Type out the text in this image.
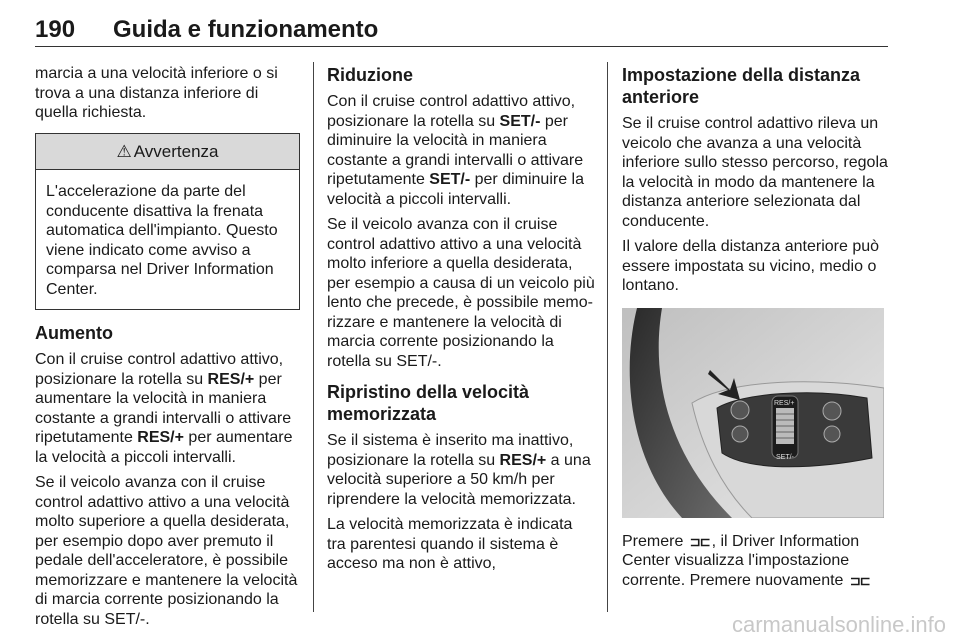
190 Guida e funzionamento

marcia a una velocità inferiore o si trova a una distanza inferiore di quella richiesta.

⚠ Avvertenza
L'accelerazione da parte del conducente disattiva la frenata automatica dell'impianto. Questo viene indicato come avviso a comparsa nel Driver Information Center.
Aumento

Con il cruise control adattivo attivo, posizionare la rotella su RES/+ per aumentare la velocità in maniera costante a grandi intervalli o attivare ripetutamente RES/+ per aumentare la velocità a piccoli intervalli.

Se il veicolo avanza con il cruise control adattivo attivo a una velocità molto superiore a quella desiderata, per esempio dopo aver premuto il pedale dell'acceleratore, è possibile memorizzare e mantenere la velocità di marcia corrente posizionando la rotella su SET/-.

Riduzione

Con il cruise control adattivo attivo, posizionare la rotella su SET/- per diminuire la velocità in maniera costante a grandi intervalli o attivare ripetutamente SET/- per diminuire la velocità a piccoli intervalli.

Se il veicolo avanza con il cruise control adattivo attivo a una velocità molto inferiore a quella desiderata, per esempio a causa di un veicolo più lento che precede, è possibile memo-rizzare e mantenere la velocità di marcia corrente posizionando la rotella su SET/-.

Ripristino della velocità memorizzata

Se il sistema è inserito ma inattivo, posizionare la rotella su RES/+ a una velocità superiore a 50 km/h per riprendere la velocità memorizzata.

La velocità memorizzata è indicata tra parentesi quando il sistema è acceso ma non è attivo,

Impostazione della distanza anteriore

Se il cruise control adattivo rileva un veicolo che avanza a una velocità inferiore sullo stesso percorso, regola la velocità in modo da mantenere la distanza anteriore selezionata dal conducente.

Il valore della distanza anteriore può essere impostata su vicino, medio o lontano.

RES/+
SET/-

Premere ⊐⊏ , il Driver Information Center visualizza l'impostazione corrente. Premere nuovamente ⊐⊏

carmanualsonline.info
